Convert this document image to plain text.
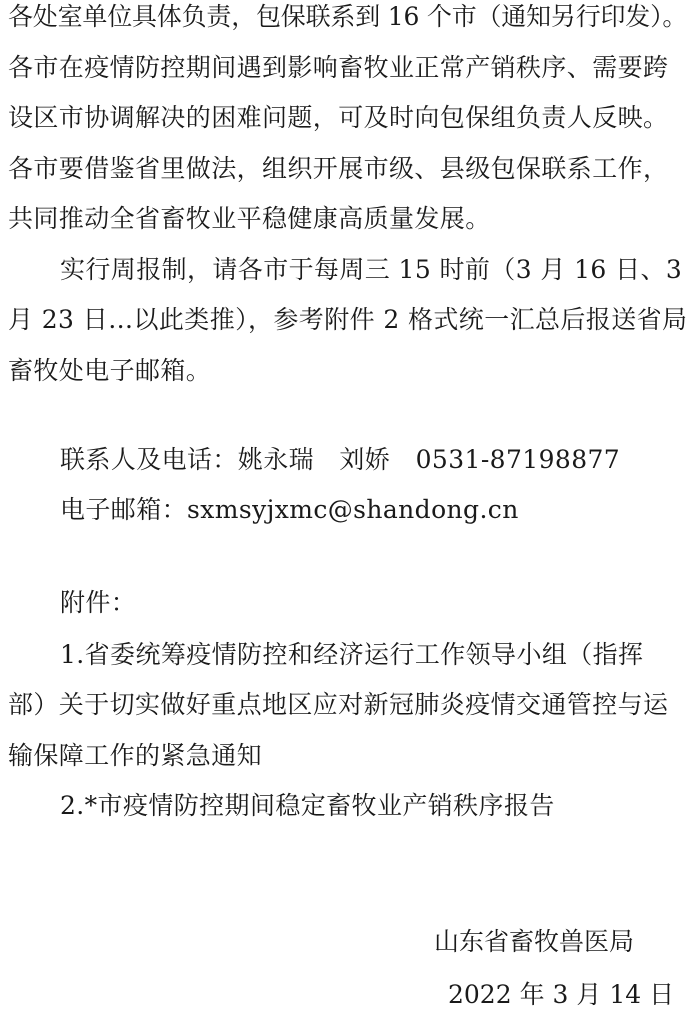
各处室单位具体负责，包保联系到 16 个市（通知另行印发）。
各市在疫情防控期间遇到影响畜牧业正常产销秩序、需要跨
设区市协调解决的困难问题，可及时向包保组负责人反映。
各市要借鉴省里做法，组织开展市级、县级包保联系工作，
共同推动全省畜牧业平稳健康高质量发展。
实行周报制，请各市于每周三 15 时前（3 月 16 日、3
月 23 日…以此类推），参考附件 2 格式统一汇总后报送省局
畜牧处电子邮箱。
联系人及电话：姚永瑞　刘娇　0531-87198877
电子邮箱：sxmsyjxmc@shandong.cn
附件：
1.省委统筹疫情防控和经济运行工作领导小组（指挥
部）关于切实做好重点地区应对新冠肺炎疫情交通管控与运
输保障工作的紧急通知
2.*市疫情防控期间稳定畜牧业产销秩序报告
山东省畜牧兽医局
2022 年 3 月 14 日
